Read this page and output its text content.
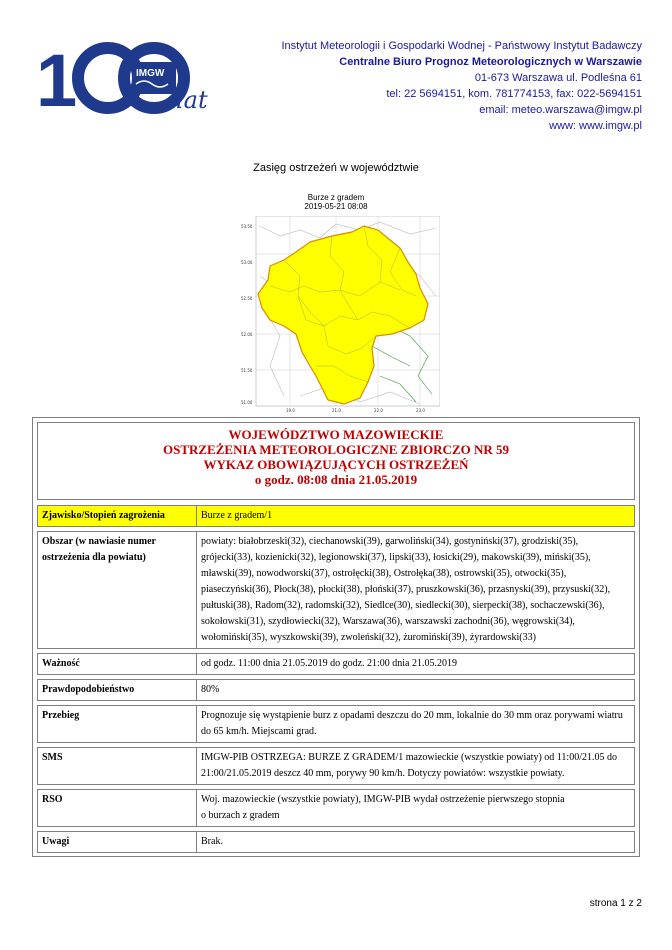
1	IMGW
lat
Instytut Meteorologii i Gospodarki Wodnej - Państwowy Instytut Badawczy
Centralne Biuro Prognoz Meteorologicznych w Warszawie
01-673 Warszawa ul. Podleśna 61
tel: 22 5694151, kom. 781774153, fax: 022-5694151
email: meteo.warszawa@imgw.pl
www: www.imgw.pl
Zasięg ostrzeżeń w województwie
Burze z gradem
2019-05-21 08:08
53.50
53.00
52.50
52.00
51.50
51.00
19.0	21.0	22.0	23.0
WOJEWÓDZTWO MAZOWIECKIE
OSTRZEŻENIA METEOROLOGICZNE ZBIORCZO NR 59
WYKAZ OBOWIĄZUJĄCYCH OSTRZEŻEŃ
o godz. 08:08 dnia 21.05.2019
Zjawisko/Stopień zagrożenia	Burze z gradem/1

Obszar (w nawiasie numer ostrzeżenia dla powiatu)	powiaty: białobrzeski(32), ciechanowski(39), garwoliński(34), gostyniński(37), grodziski(35), grójecki(33), kozienicki(32), legionowski(37), lipski(33), łosicki(29), makowski(39), miński(35), mławski(39), nowodworski(37), ostrołęcki(38), Ostrołęka(38), ostrowski(35), otwocki(35), piaseczyński(36), Płock(38), płocki(38), płoński(37), pruszkowski(36), przasnyski(39), przysuski(32), pułtuski(38), Radom(32), radomski(32), Siedlce(30), siedlecki(30), sierpecki(38), sochaczewski(36), sokołowski(31), szydłowiecki(32), Warszawa(36), warszawski zachodni(36), węgrowski(34), wołomiński(35), wyszkowski(39), zwoleński(32), żuromiński(39), żyrardowski(33)

Ważność	od godz. 11:00 dnia 21.05.2019 do godz. 21:00 dnia 21.05.2019

Prawdopodobieństwo	80%

Przebieg	Prognozuje się wystąpienie burz z opadami deszczu do 20 mm, lokalnie do 30 mm oraz porywami wiatru do 65 km/h. Miejscami grad.

SMS	IMGW-PIB OSTRZEGA: BURZE Z GRADEM/1 mazowieckie (wszystkie powiaty) od 11:00/21.05 do 21:00/21.05.2019 deszcz 40 mm, porywy 90 km/h. Dotyczy powiatów: wszystkie powiaty.

RSO	Woj. mazowieckie (wszystkie powiaty), IMGW-PIB wydał ostrzeżenie pierwszego stopnia
o burzach z gradem

Uwagi	Brak.
strona 1 z 2
